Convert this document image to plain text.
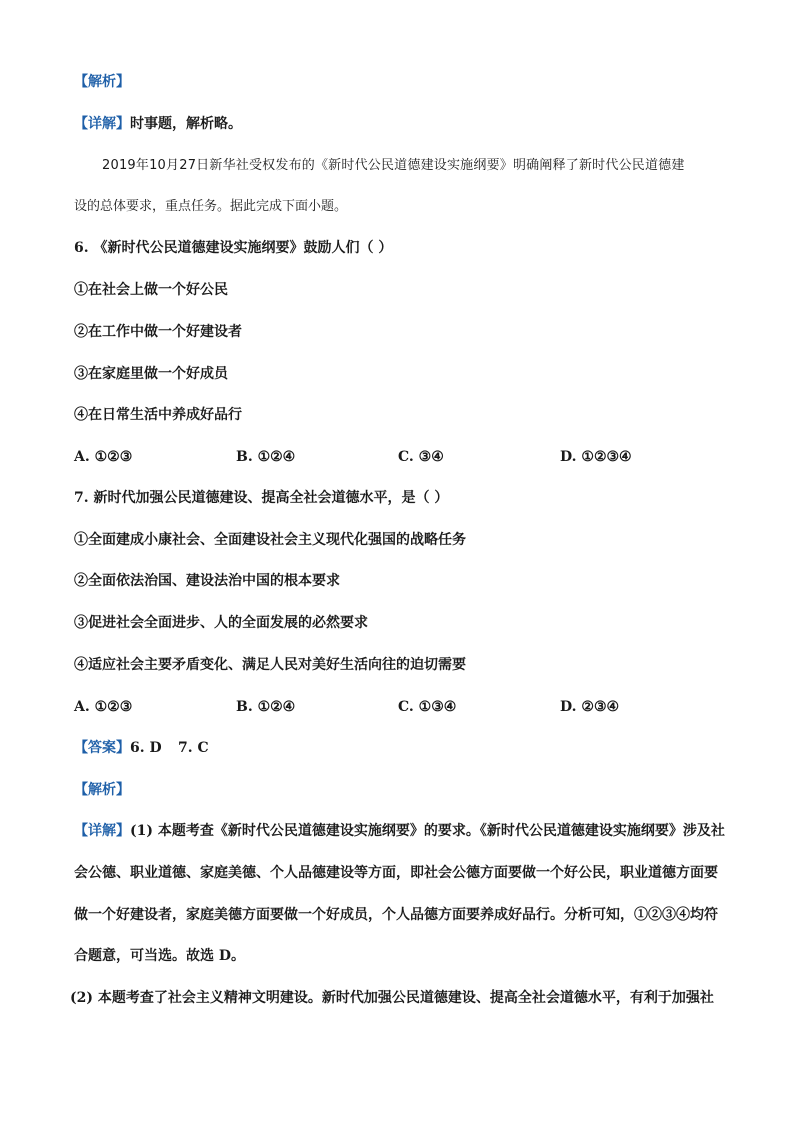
【解析】
【详解】时事题，解析略。
2019年10月27日新华社受权发布的《新时代公民道德建设实施纲要》明确阐释了新时代公民道德建
设的总体要求，重点任务。据此完成下面小题。
6. 《新时代公民道德建设实施纲要》鼓励人们（ ）
①在社会上做一个好公民
②在工作中做一个好建设者
③在家庭里做一个好成员
④在日常生活中养成好品行
A. ①②③	B. ①②④	C. ③④	D. ①②③④
7. 新时代加强公民道德建设、提高全社会道德水平，是（ ）
①全面建成小康社会、全面建设社会主义现代化强国的战略任务
②全面依法治国、建设法治中国的根本要求
③促进社会全面进步、人的全面发展的必然要求
④适应社会主要矛盾变化、满足人民对美好生活向往的迫切需要
A. ①②③	B. ①②④	C. ①③④	D. ②③④
【答案】6. D 7. C
【解析】
【详解】(1) 本题考查《新时代公民道德建设实施纲要》的要求。《新时代公民道德建设实施纲要》涉及社
会公德、职业道德、家庭美德、个人品德建设等方面，即社会公德方面要做一个好公民，职业道德方面要
做一个好建设者，家庭美德方面要做一个好成员，个人品德方面要养成好品行。分析可知，①②③④均符
合题意，可当选。故选 D。
(2) 本题考查了社会主义精神文明建设。新时代加强公民道德建设、提高全社会道德水平，有利于加强社
